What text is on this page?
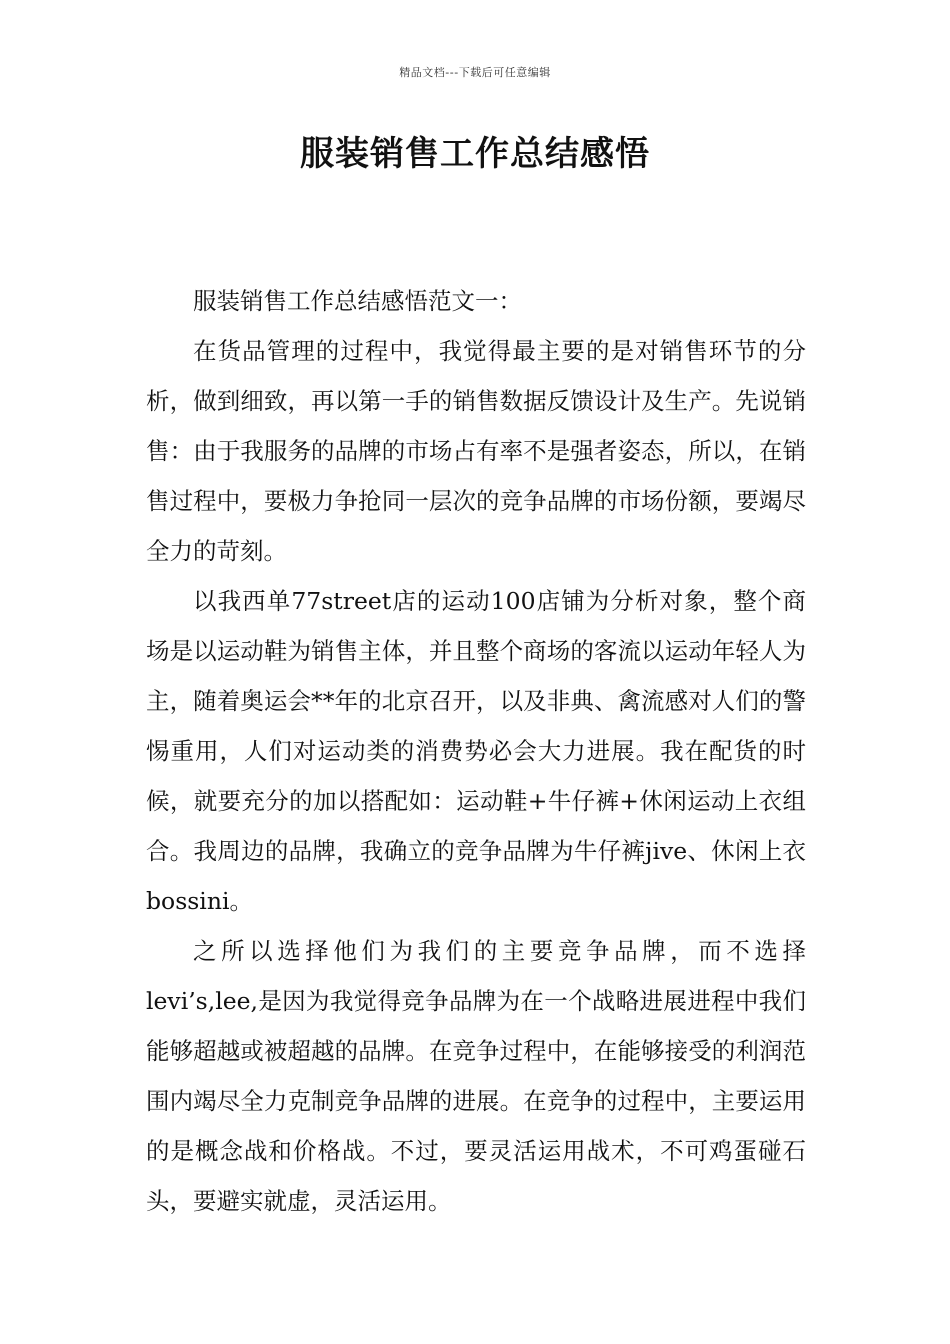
精品文档---下载后可任意编辑
服装销售工作总结感悟

服装销售工作总结感悟范文一：

在货品管理的过程中，我觉得最主要的是对销售环节的分析，做到细致，再以第一手的销售数据反馈设计及生产。先说销售：由于我服务的品牌的市场占有率不是强者姿态，所以，在销售过程中，要极力争抢同一层次的竞争品牌的市场份额，要竭尽全力的苛刻。

以我西单77street店的运动100店铺为分析对象，整个商场是以运动鞋为销售主体，并且整个商场的客流以运动年轻人为主，随着奥运会**年的北京召开，以及非典、禽流感对人们的警惕重用，人们对运动类的消费势必会大力进展。我在配货的时候，就要充分的加以搭配如：运动鞋+牛仔裤+休闲运动上衣组合。我周边的品牌，我确立的竞争品牌为牛仔裤jive、休闲上衣bossini。

之所以选择他们为我们的主要竞争品牌，而不选择levi’s,lee,是因为我觉得竞争品牌为在一个战略进展进程中我们能够超越或被超越的品牌。在竞争过程中，在能够接受的利润范围内竭尽全力克制竞争品牌的进展。在竞争的过程中，主要运用的是概念战和价格战。不过，要灵活运用战术，不可鸡蛋碰石头，要避实就虚，灵活运用。
